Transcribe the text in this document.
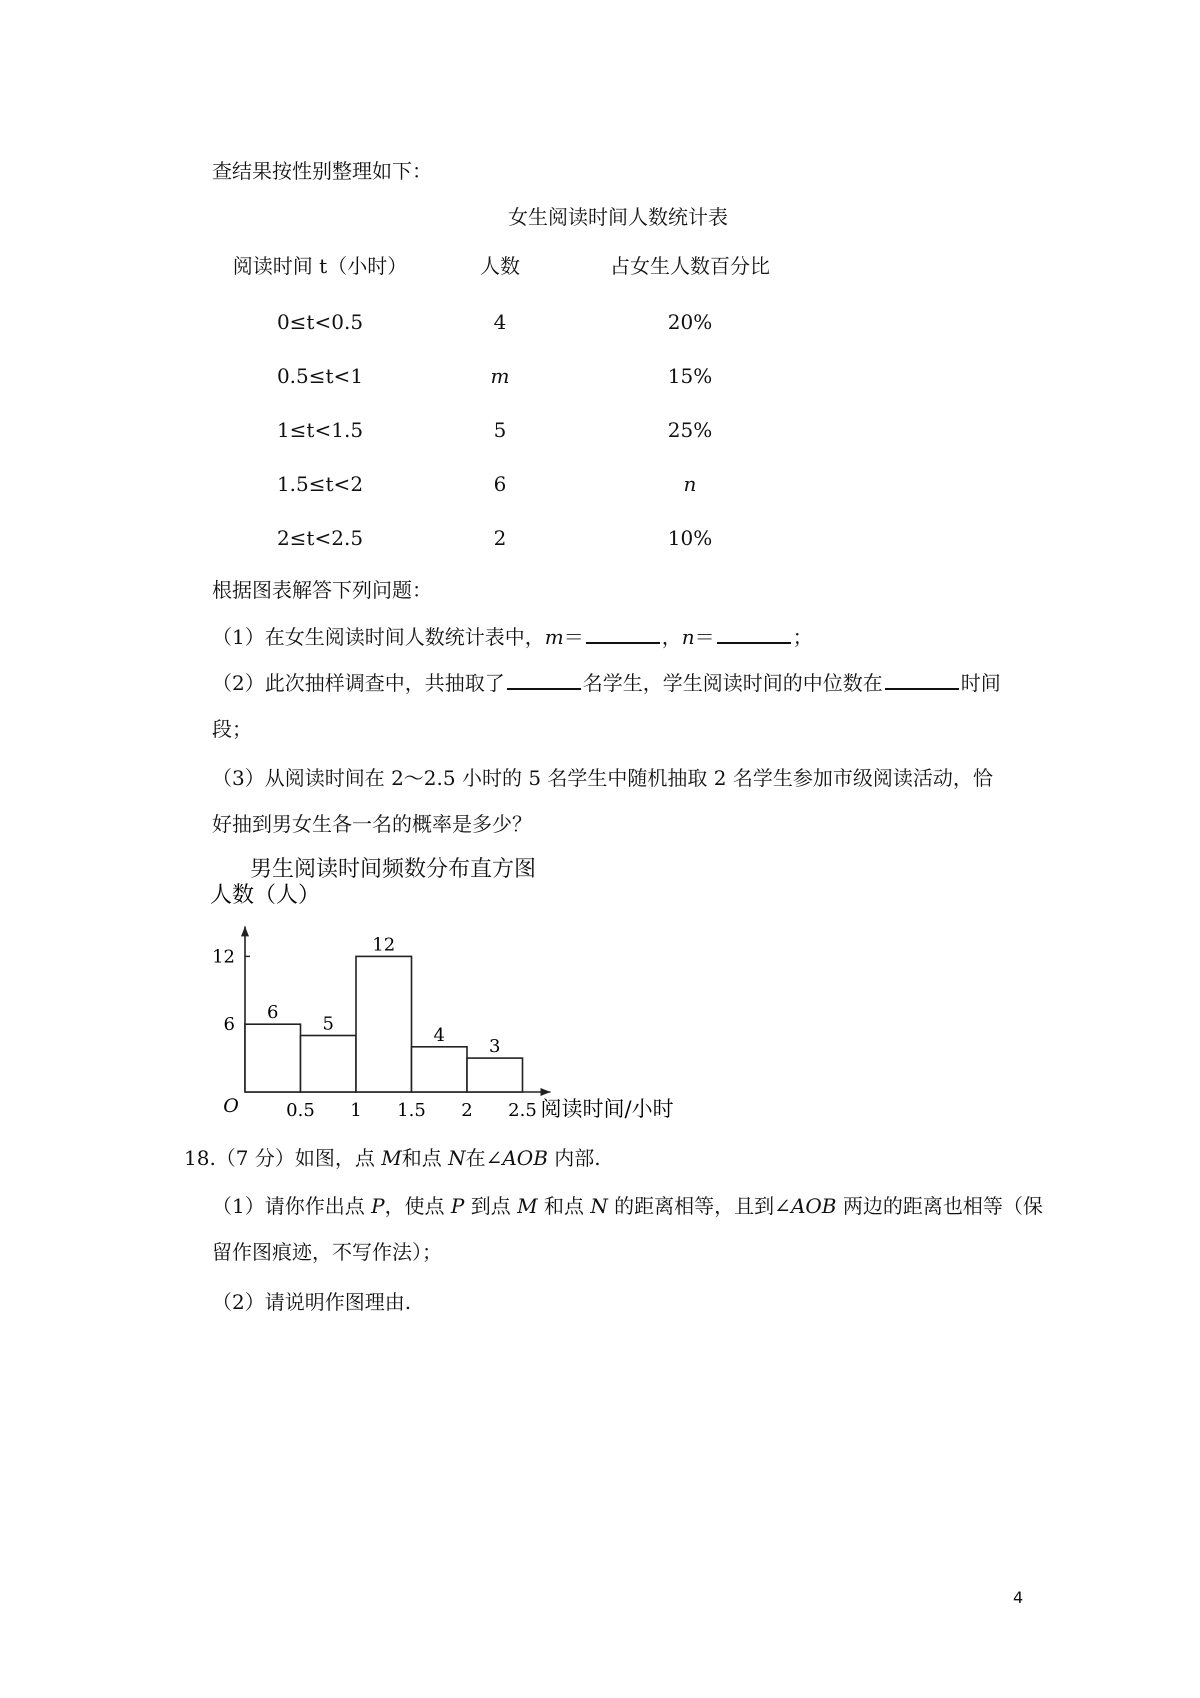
查结果按性别整理如下：
女生阅读时间人数统计表
阅读时间 t（小时）	人数	占女生人数百分比
0≤t<0.5	4	20%
0.5≤t<1	m	15%
1≤t<1.5	5	25%
1.5≤t<2	6	n
2≤t<2.5	2	10%
根据图表解答下列问题：
（1）在女生阅读时间人数统计表中，m＝	，n＝	；
（2）此次抽样调查中，共抽取了	名学生，学生阅读时间的中位数在	时间
段；
（3）从阅读时间在 2～2.5 小时的 5 名学生中随机抽取 2 名学生参加市级阅读活动，恰
好抽到男女生各一名的概率是多少？
男生阅读时间频数分布直方图
人数（人）
6
5
12
4
3
6
12
0.5 1 1.5 2 2.5
O	阅读时间/小时
18.（7 分）如图，点 M和点 N在∠AOB 内部.
（1）请你作出点 P，使点 P 到点 M 和点 N 的距离相等，且到∠AOB 两边的距离也相等（保
留作图痕迹，不写作法）；
（2）请说明作图理由.
4
